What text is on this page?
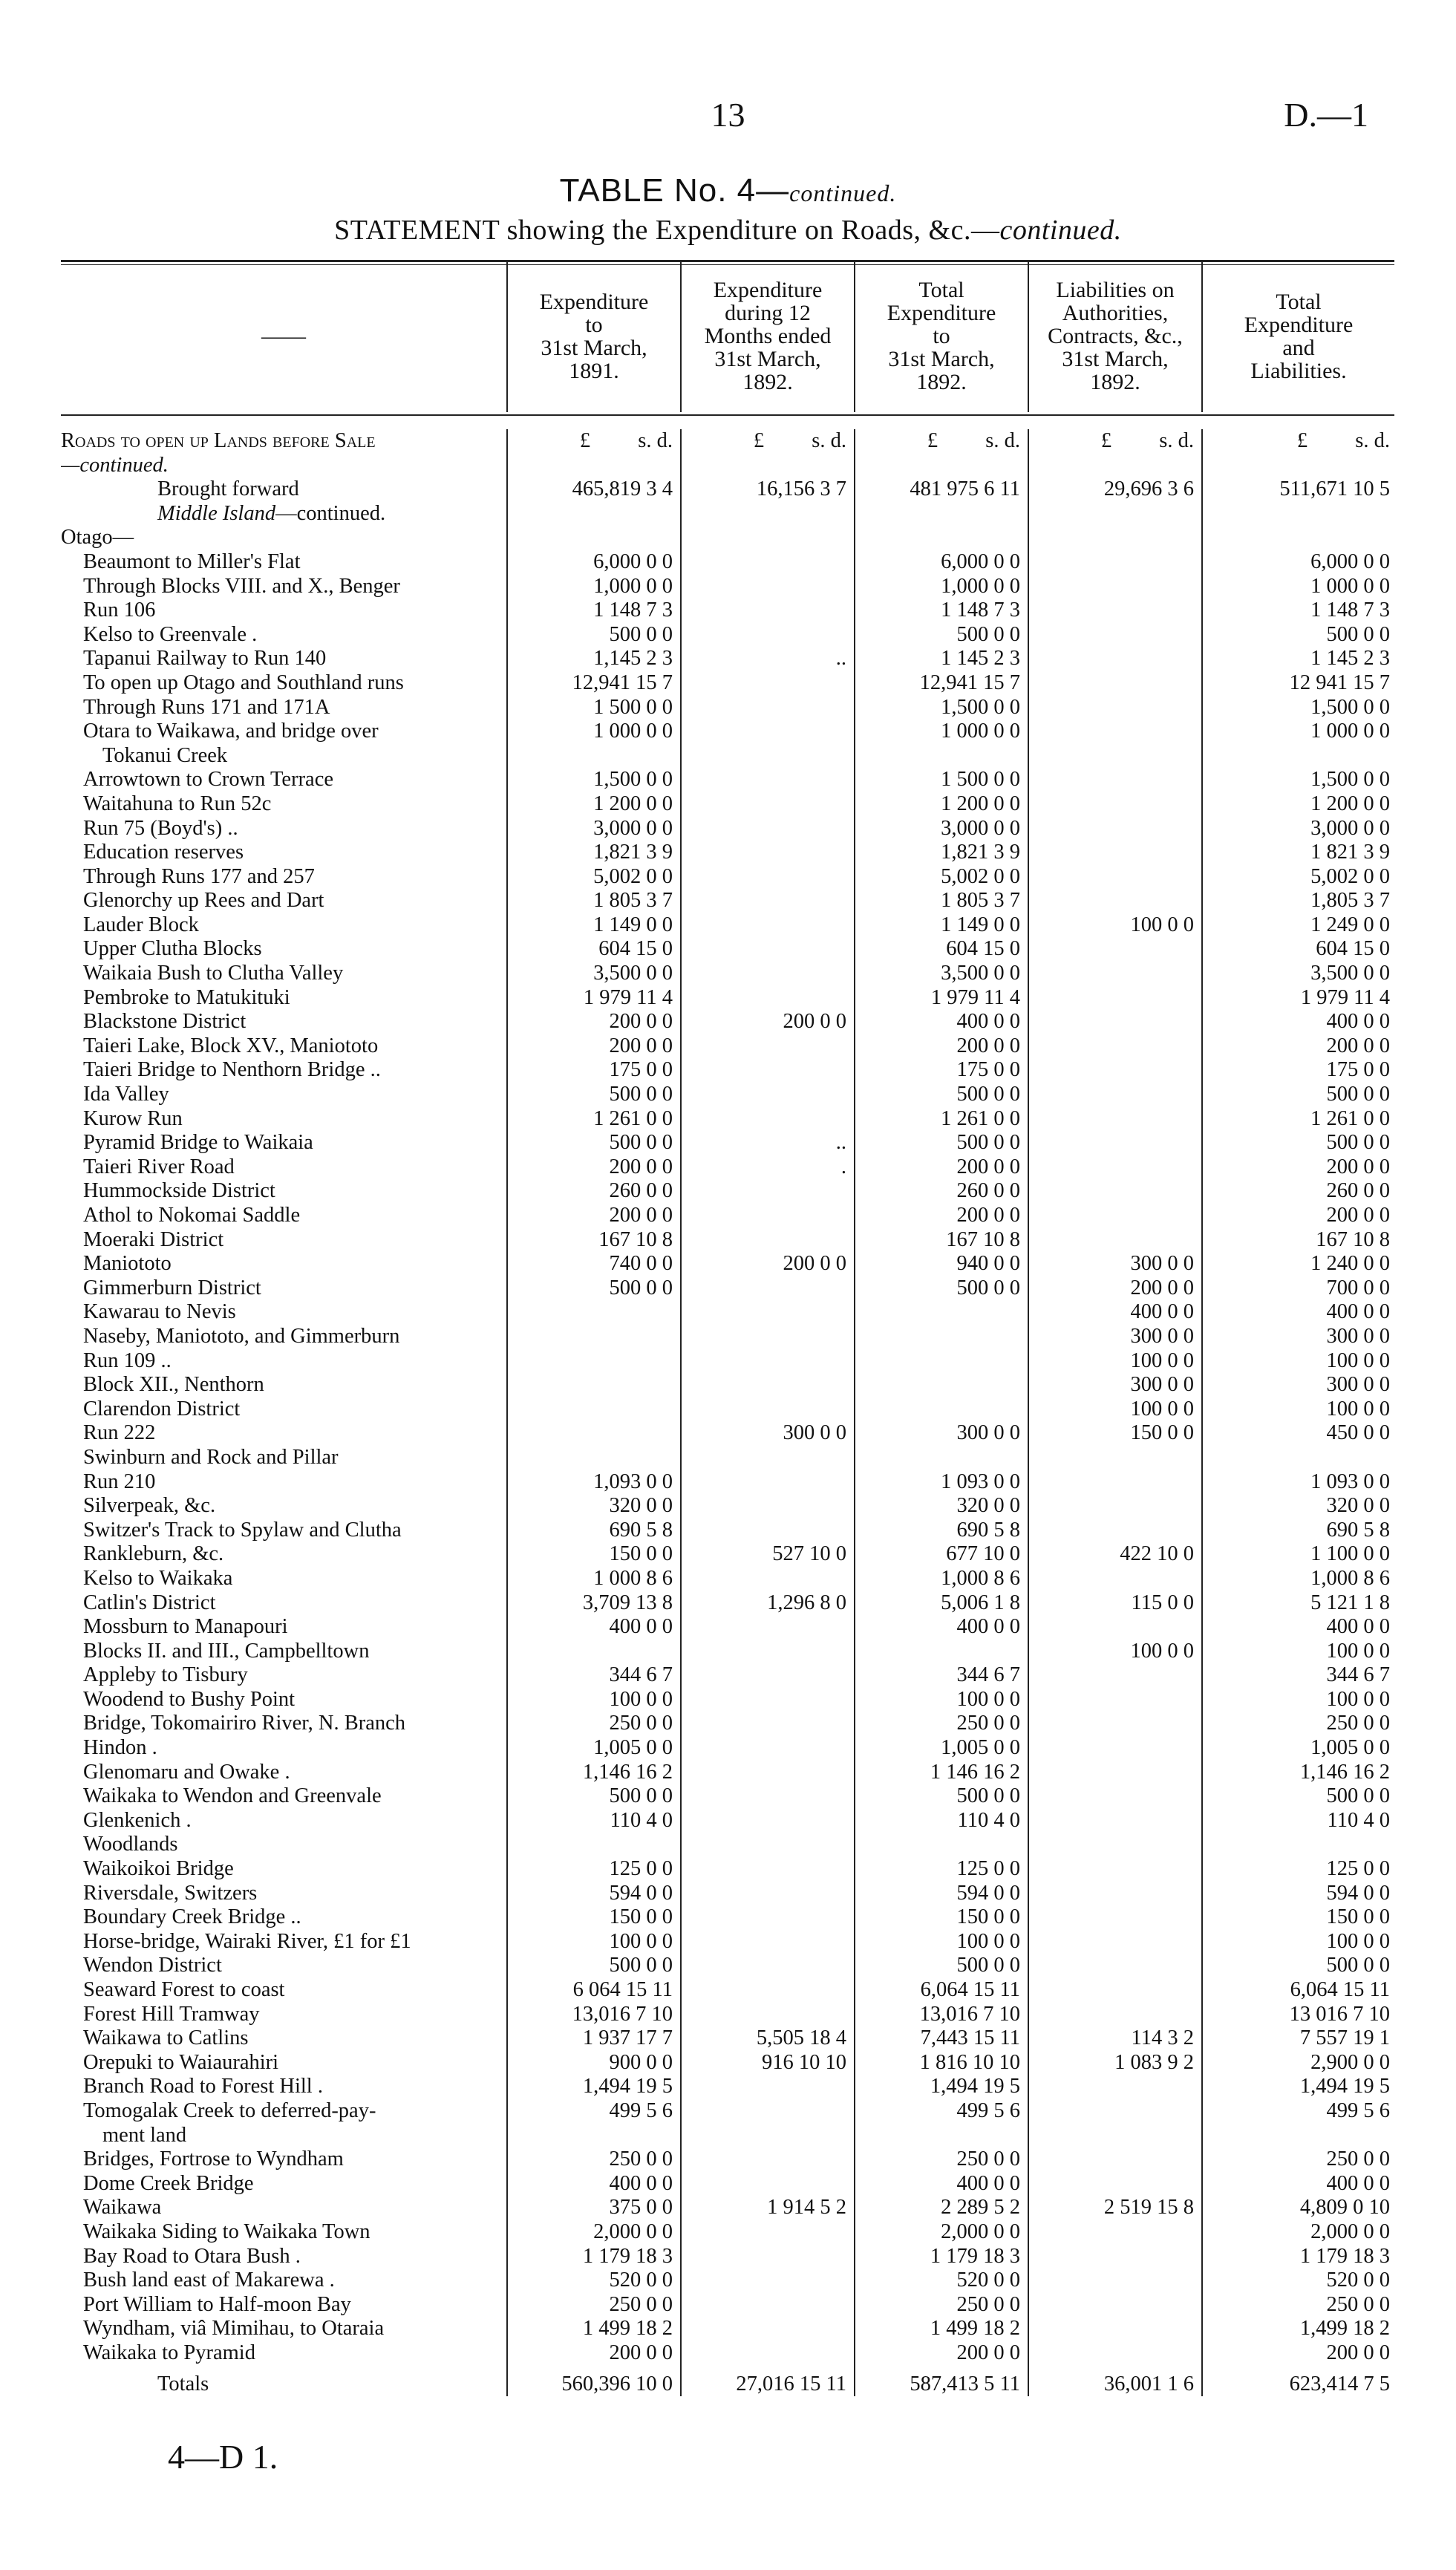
13	D.—1
TABLE No. 4—continued.
STATEMENT showing the Expenditure on Roads, &c.—continued.
——	
Expenditure
to
31st March,
1891.

Expenditure
during 12
Months ended
31st March,
1892.

Total
Expenditure
to
31st March,
1892.

Liabilities on
Authorities,
Contracts, &c.,
31st March,
1892.

Total
Expenditure
and
Liabilities.
Roads to open up Lands before Sale	£ s. d.	£ s. d.	£ s. d.	£ s. d.	£ s. d.
—continued.					
Brought forward	465,819 3 4	16,156 3 7	481 975 6 11	29,696 3 6	511,671 10 5
Middle Island—continued.					
Otago—					
Beaumont to Miller's Flat	6,000 0 0		6,000 0 0		6,000 0 0
Through Blocks VIII. and X., Benger	1,000 0 0		1,000 0 0		1 000 0 0
Run 106	1 148 7 3		1 148 7 3		1 148 7 3
Kelso to Greenvale .	500 0 0		500 0 0		500 0 0
Tapanui Railway to Run 140	1,145 2 3	..	1 145 2 3		1 145 2 3
To open up Otago and Southland runs	12,941 15 7		12,941 15 7		12 941 15 7
Through Runs 171 and 171A	1 500 0 0		1,500 0 0		1,500 0 0
Otara to Waikawa, and bridge over	1 000 0 0		1 000 0 0		1 000 0 0
Tokanui Creek					
Arrowtown to Crown Terrace	1,500 0 0		1 500 0 0		1,500 0 0
Waitahuna to Run 52c	1 200 0 0		1 200 0 0		1 200 0 0
Run 75 (Boyd's) ..	3,000 0 0		3,000 0 0		3,000 0 0
Education reserves	1,821 3 9		1,821 3 9		1 821 3 9
Through Runs 177 and 257	5,002 0 0		5,002 0 0		5,002 0 0
Glenorchy up Rees and Dart	1 805 3 7		1 805 3 7		1,805 3 7
Lauder Block	1 149 0 0		1 149 0 0	100 0 0	1 249 0 0
Upper Clutha Blocks	604 15 0		604 15 0		604 15 0
Waikaia Bush to Clutha Valley	3,500 0 0		3,500 0 0		3,500 0 0
Pembroke to Matukituki	1 979 11 4		1 979 11 4		1 979 11 4
Blackstone District	200 0 0	200 0 0	400 0 0		400 0 0
Taieri Lake, Block XV., Maniototo	200 0 0		200 0 0		200 0 0
Taieri Bridge to Nenthorn Bridge ..	175 0 0		175 0 0		175 0 0
Ida Valley	500 0 0		500 0 0		500 0 0
Kurow Run	1 261 0 0		1 261 0 0		1 261 0 0
Pyramid Bridge to Waikaia	500 0 0	..	500 0 0		500 0 0
Taieri River Road	200 0 0	.	200 0 0		200 0 0
Hummockside District	260 0 0		260 0 0		260 0 0
Athol to Nokomai Saddle	200 0 0		200 0 0		200 0 0
Moeraki District	167 10 8		167 10 8		167 10 8
Maniototo	740 0 0	200 0 0	940 0 0	300 0 0	1 240 0 0
Gimmerburn District	500 0 0		500 0 0	200 0 0	700 0 0
Kawarau to Nevis				400 0 0	400 0 0
Naseby, Maniototo, and Gimmerburn				300 0 0	300 0 0
Run 109 ..				100 0 0	100 0 0
Block XII., Nenthorn				300 0 0	300 0 0
Clarendon District				100 0 0	100 0 0
Run 222		300 0 0	300 0 0	150 0 0	450 0 0
Swinburn and Rock and Pillar					
Run 210	1,093 0 0		1 093 0 0		1 093 0 0
Silverpeak, &c.	320 0 0		320 0 0		320 0 0
Switzer's Track to Spylaw and Clutha	690 5 8		690 5 8		690 5 8
Rankleburn, &c.	150 0 0	527 10 0	677 10 0	422 10 0	1 100 0 0
Kelso to Waikaka	1 000 8 6		1,000 8 6		1,000 8 6
Catlin's District	3,709 13 8	1,296 8 0	5,006 1 8	115 0 0	5 121 1 8
Mossburn to Manapouri	400 0 0		400 0 0		400 0 0
Blocks II. and III., Campbelltown				100 0 0	100 0 0
Appleby to Tisbury	344 6 7		344 6 7		344 6 7
Woodend to Bushy Point	100 0 0		100 0 0		100 0 0
Bridge, Tokomairiro River, N. Branch	250 0 0		250 0 0		250 0 0
Hindon .	1,005 0 0		1,005 0 0		1,005 0 0
Glenomaru and Owake .	1,146 16 2		1 146 16 2		1,146 16 2
Waikaka to Wendon and Greenvale	500 0 0		500 0 0		500 0 0
Glenkenich .	110 4 0		110 4 0		110 4 0
Woodlands					
Waikoikoi Bridge	125 0 0		125 0 0		125 0 0
Riversdale, Switzers	594 0 0		594 0 0		594 0 0
Boundary Creek Bridge ..	150 0 0		150 0 0		150 0 0
Horse-bridge, Wairaki River, £1 for £1	100 0 0		100 0 0		100 0 0
Wendon District	500 0 0		500 0 0		500 0 0
Seaward Forest to coast	6 064 15 11		6,064 15 11		6,064 15 11
Forest Hill Tramway	13,016 7 10		13,016 7 10		13 016 7 10
Waikawa to Catlins	1 937 17 7	5,505 18 4	7,443 15 11	114 3 2	7 557 19 1
Orepuki to Waiaurahiri	900 0 0	916 10 10	1 816 10 10	1 083 9 2	2,900 0 0
Branch Road to Forest Hill .	1,494 19 5		1,494 19 5		1,494 19 5
Tomogalak Creek to deferred-pay-	499 5 6		499 5 6		499 5 6
ment land					
Bridges, Fortrose to Wyndham	250 0 0		250 0 0		250 0 0
Dome Creek Bridge	400 0 0		400 0 0		400 0 0
Waikawa	375 0 0	1 914 5 2	2 289 5 2	2 519 15 8	4,809 0 10
Waikaka Siding to Waikaka Town	2,000 0 0		2,000 0 0		2,000 0 0
Bay Road to Otara Bush .	1 179 18 3		1 179 18 3		1 179 18 3
Bush land east of Makarewa .	520 0 0		520 0 0		520 0 0
Port William to Half-moon Bay	250 0 0		250 0 0		250 0 0
Wyndham, viâ Mimihau, to Otaraia	1 499 18 2		1 499 18 2		1,499 18 2
Waikaka to Pyramid	200 0 0		200 0 0		200 0 0
Totals	560,396 10 0	27,016 15 11	587,413 5 11	36,001 1 6	623,414 7 5
4—D 1.
